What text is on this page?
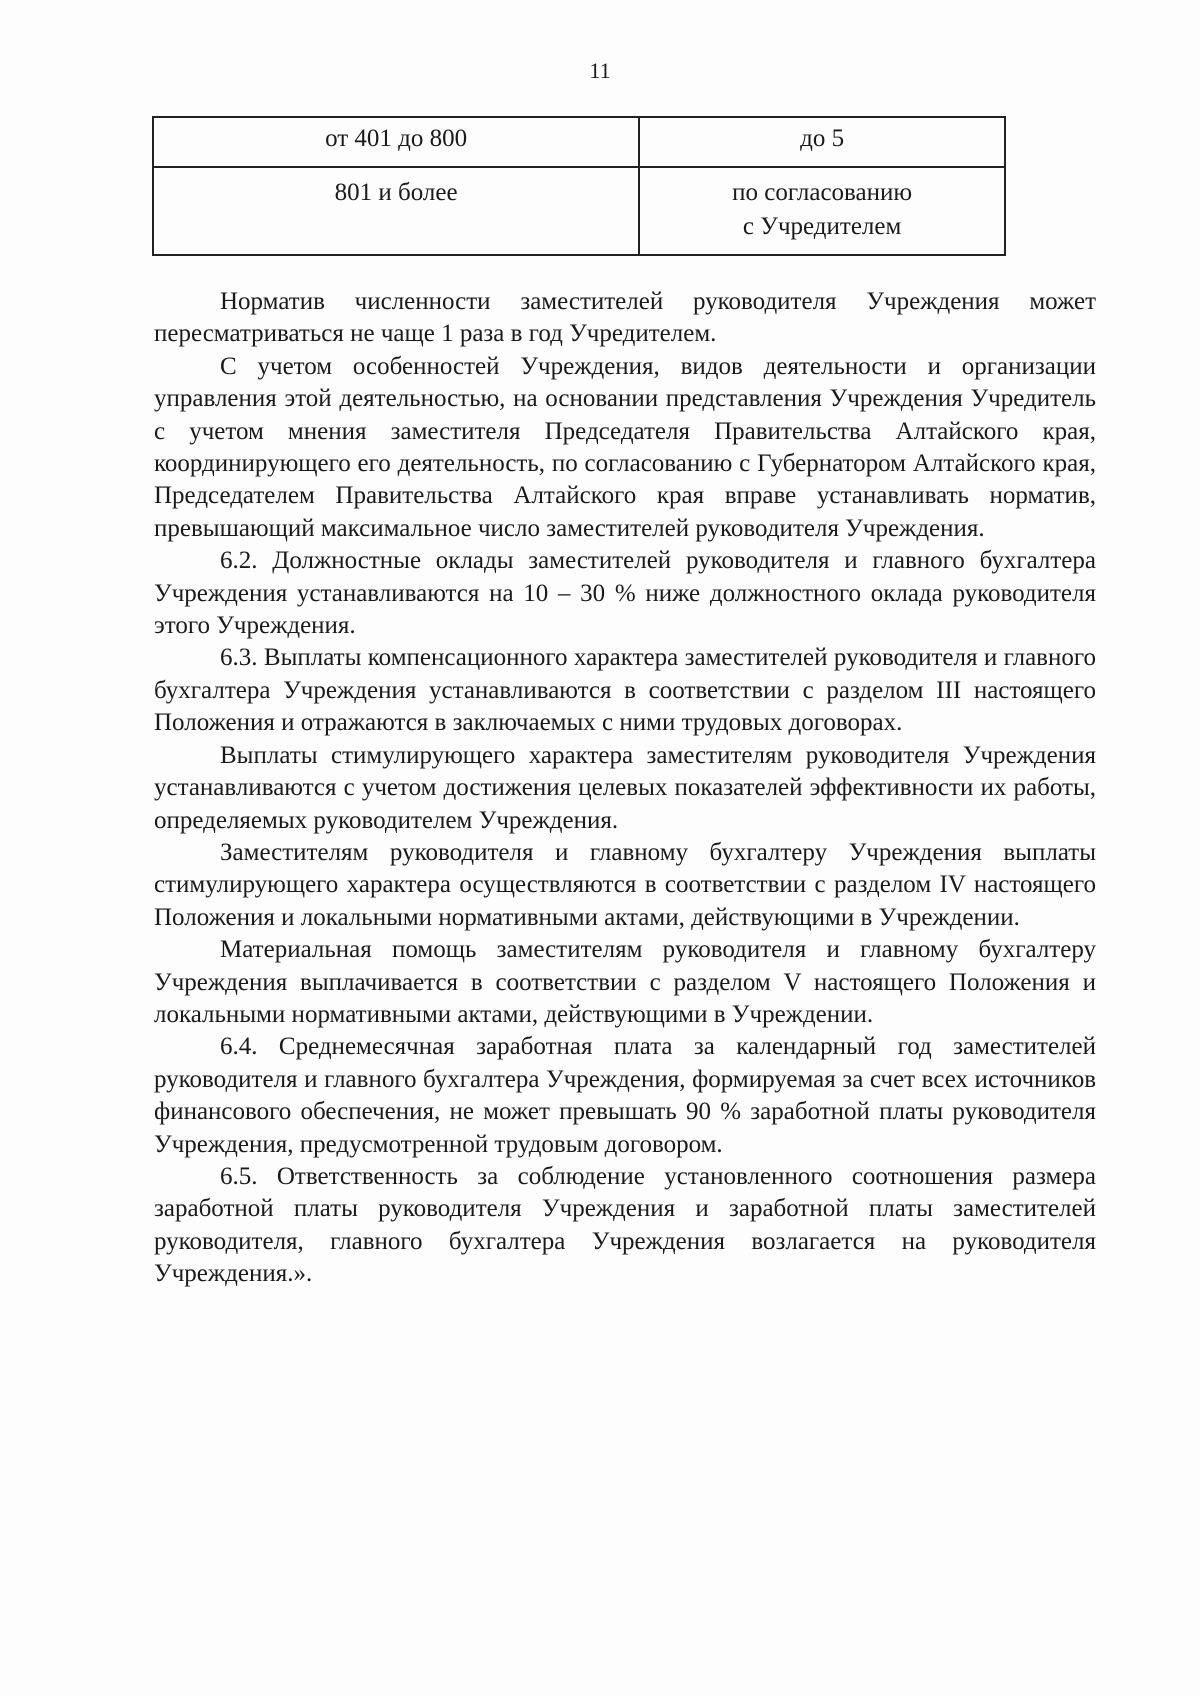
11
от 401 до 800	до 5

801 и более	по согласованию
с Учредителем

Норматив численности заместителей руководителя Учреждения может пересматриваться не чаще 1 раза в год Учредителем.

С учетом особенностей Учреждения, видов деятельности и организации управления этой деятельностью, на основании представления Учреждения Учредитель с учетом мнения заместителя Председателя Правительства Алтайского края, координирующего его деятельность, по согласованию с Губернатором Алтайского края, Председателем Правительства Алтайского края вправе устанавливать норматив, превышающий максимальное число заместителей руководителя Учреждения.

6.2. Должностные оклады заместителей руководителя и главного бухгалтера Учреждения устанавливаются на 10 – 30 % ниже должностного оклада руководителя этого Учреждения.

6.3. Выплаты компенсационного характера заместителей руководителя и главного бухгалтера Учреждения устанавливаются в соответствии с разделом III настоящего Положения и отражаются в заключаемых с ними трудовых договорах.

Выплаты стимулирующего характера заместителям руководителя Учреждения устанавливаются с учетом достижения целевых показателей эффективности их работы, определяемых руководителем Учреждения.

Заместителям руководителя и главному бухгалтеру Учреждения выплаты стимулирующего характера осуществляются в соответствии с разделом IV настоящего Положения и локальными нормативными актами, действующими в Учреждении.

Материальная помощь заместителям руководителя и главному бухгалтеру Учреждения выплачивается в соответствии с разделом V настоящего Положения и локальными нормативными актами, действующими в Учреждении.

6.4. Среднемесячная заработная плата за календарный год заместителей руководителя и главного бухгалтера Учреждения, формируемая за счет всех источников финансового обеспечения, не может превышать 90 % заработной платы руководителя Учреждения, предусмотренной трудовым договором.

6.5. Ответственность за соблюдение установленного соотношения размера заработной платы руководителя Учреждения и заработной платы заместителей руководителя, главного бухгалтера Учреждения возлагается на руководителя Учреждения.».
